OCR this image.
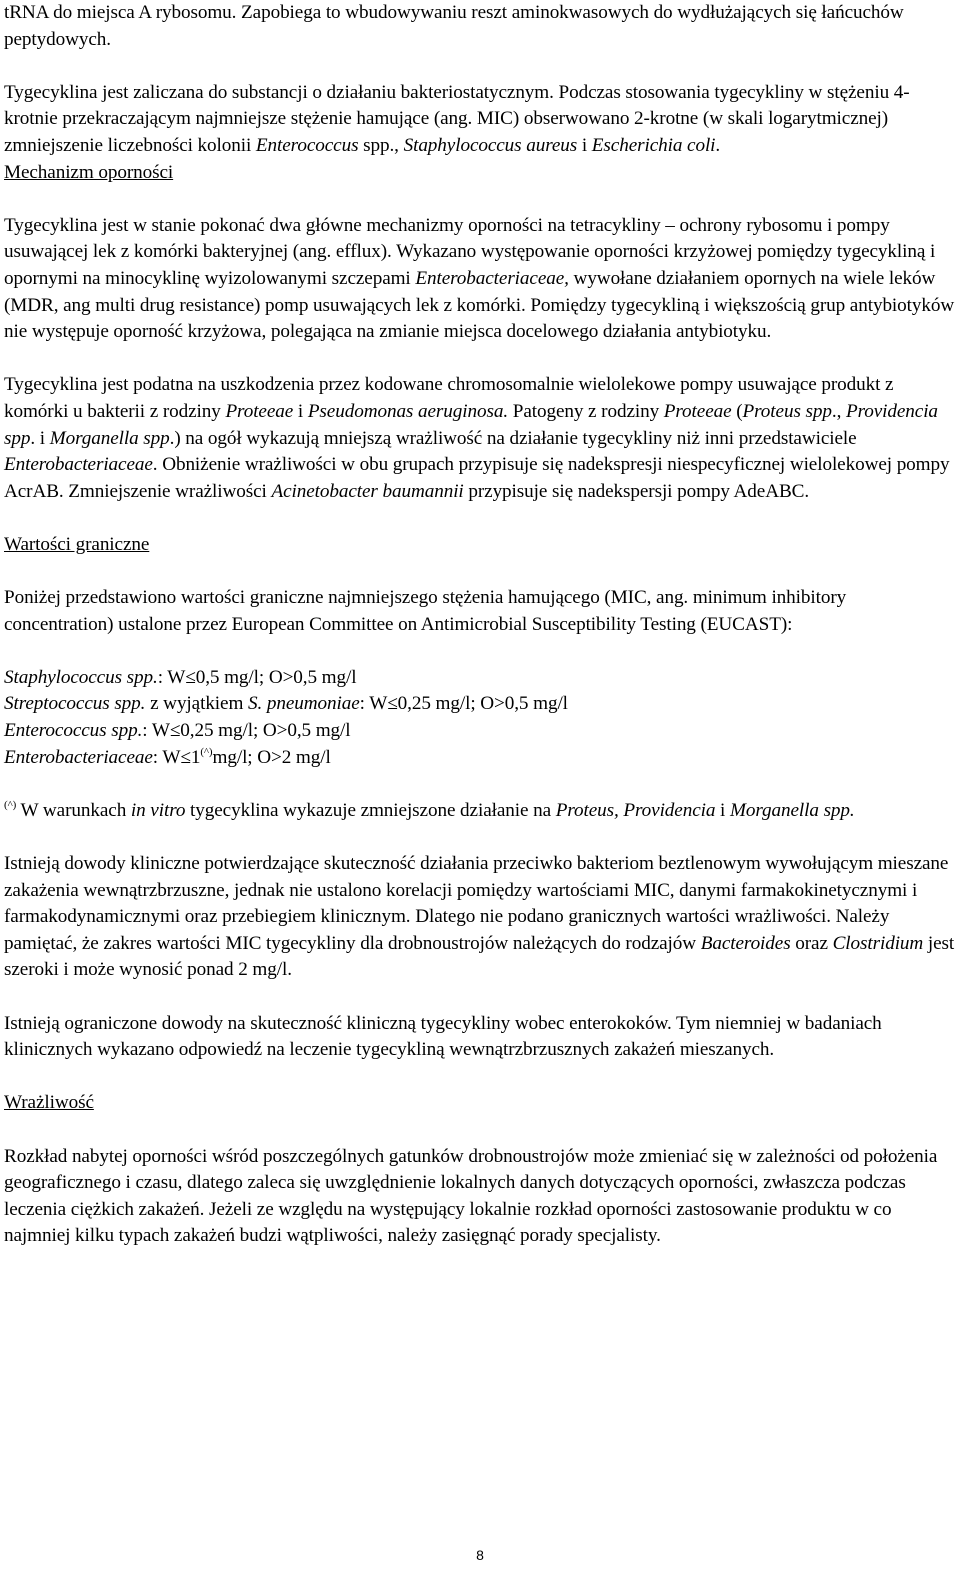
tRNA do miejsca A rybosomu. Zapobiega to wbudowywaniu reszt aminokwasowych do wydłużających się łańcuchów peptydowych.

Tygecyklina jest zaliczana do substancji o działaniu bakteriostatycznym. Podczas stosowania tygecykliny w stężeniu 4-krotnie przekraczającym najmniejsze stężenie hamujące (ang. MIC) obserwowano 2-krotne (w skali logarytmicznej) zmniejszenie liczebności kolonii Enterococcus spp., Staphylococcus aureus i Escherichia coli.

Mechanizm oporności

Tygecyklina jest w stanie pokonać dwa główne mechanizmy oporności na tetracykliny – ochrony rybosomu i pompy usuwającej lek z komórki bakteryjnej (ang. efflux). Wykazano występowanie oporności krzyżowej pomiędzy tygecykliną i opornymi na minocyklinę wyizolowanymi szczepami Enterobacteriaceae, wywołane działaniem opornych na wiele leków (MDR, ang multi drug resistance) pomp usuwających lek z komórki. Pomiędzy tygecykliną i większością grup antybiotyków nie występuje oporność krzyżowa, polegająca na zmianie miejsca docelowego działania antybiotyku.

Tygecyklina jest podatna na uszkodzenia przez kodowane chromosomalnie wielolekowe pompy usuwające produkt z komórki u bakterii z rodziny Proteeae i Pseudomonas aeruginosa. Patogeny z rodziny Proteeae (Proteus spp., Providencia spp. i Morganella spp.) na ogół wykazują mniejszą wrażliwość na działanie tygecykliny niż inni przedstawiciele Enterobacteriaceae. Obniżenie wrażliwości w obu grupach przypisuje się nadekspresji niespecyficznej wielolekowej pompy AcrAB. Zmniejszenie wrażliwości Acinetobacter baumannii przypisuje się nadekspersji pompy AdeABC.

Wartości graniczne

Poniżej przedstawiono wartości graniczne najmniejszego stężenia hamującego (MIC, ang. minimum inhibitory concentration) ustalone przez European Committee on Antimicrobial Susceptibility Testing (EUCAST):

Staphylococcus spp.: W≤0,5 mg/l; O>0,5 mg/l

Streptococcus spp. z wyjątkiem S. pneumoniae: W≤0,25 mg/l; O>0,5 mg/l

Enterococcus spp.: W≤0,25 mg/l; O>0,5 mg/l

Enterobacteriaceae: W≤1(^)mg/l; O>2 mg/l

(^) W warunkach in vitro tygecyklina wykazuje zmniejszone działanie na Proteus, Providencia i Morganella spp.

Istnieją dowody kliniczne potwierdzające skuteczność działania przeciwko bakteriom beztlenowym wywołującym mieszane zakażenia wewnątrzbrzuszne, jednak nie ustalono korelacji pomiędzy wartościami MIC, danymi farmakokinetycznymi i farmakodynamicznymi oraz przebiegiem klinicznym. Dlatego nie podano granicznych wartości wrażliwości. Należy pamiętać, że zakres wartości MIC tygecykliny dla drobnoustrojów należących do rodzajów Bacteroides oraz Clostridium jest szeroki i może wynosić ponad 2 mg/l.

Istnieją ograniczone dowody na skuteczność kliniczną tygecykliny wobec enterokoków. Tym niemniej w badaniach klinicznych wykazano odpowiedź na leczenie tygecykliną wewnątrzbrzusznych zakażeń mieszanych.

Wrażliwość

Rozkład nabytej oporności wśród poszczególnych gatunków drobnoustrojów może zmieniać się w zależności od położenia geograficznego i czasu, dlatego zaleca się uwzględnienie lokalnych danych dotyczących oporności, zwłaszcza podczas leczenia ciężkich zakażeń. Jeżeli ze względu na występujący lokalnie rozkład oporności zastosowanie produktu w co najmniej kilku typach zakażeń budzi wątpliwości, należy zasięgnąć porady specjalisty.

8
